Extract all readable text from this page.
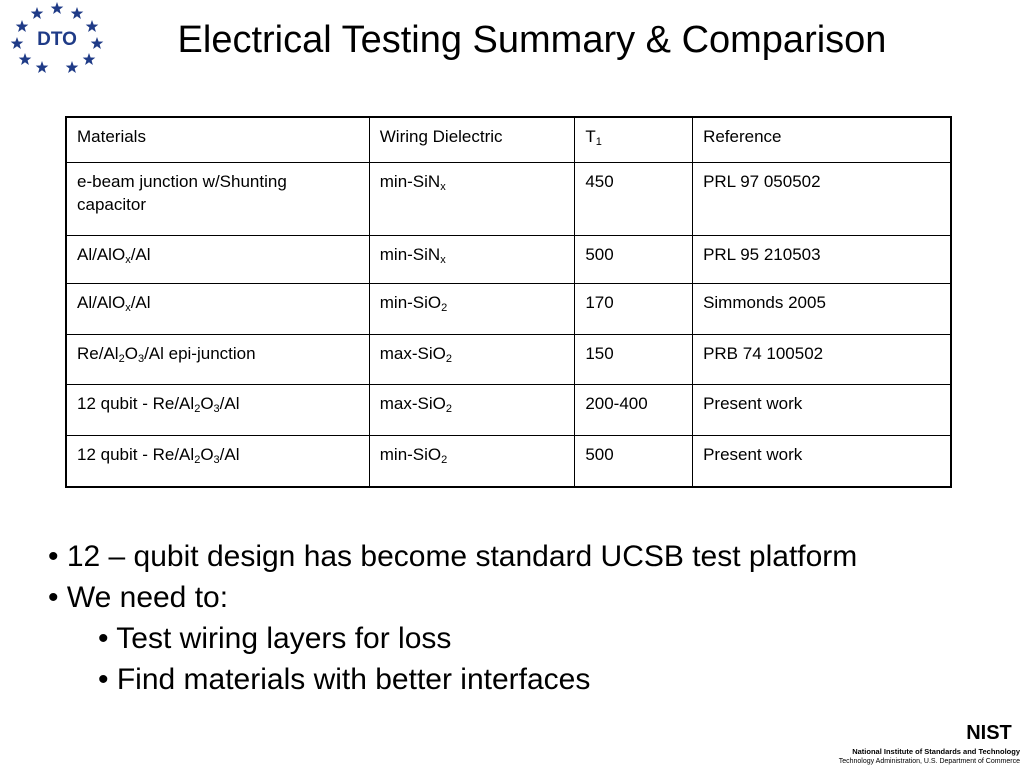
DTO	Electrical Testing Summary & Comparison
Materials	Wiring Dielectric	$T_1$	Reference
e-beam junction w/Shunting capacitor	min-SiN$_x$	450	PRL 97 050502
Al/AlO$_x$/Al	min-SiN$_x$	500	PRL 95 210503
Al/AlO$_x$/Al	min-SiO$_2$	170	Simmonds 2005
$Re/Al_2O_3/Al$ epi-junction	max-SiO$_2$	150	PRB 74 100502
12 qubit - $Re/Al_2O_3/Al$	max-SiO$_2$	200-400	Present work
12 qubit - $Re/Al_2O_3/Al$	min-SiO$_2$	500	Present work
• 12 – qubit design has become standard UCSB test platform
• We need to:
• Test wiring layers for loss
• Find materials with better interfaces
NIST
National Institute of Standards and Technology
Technology Administration, U.S. Department of Commerce
